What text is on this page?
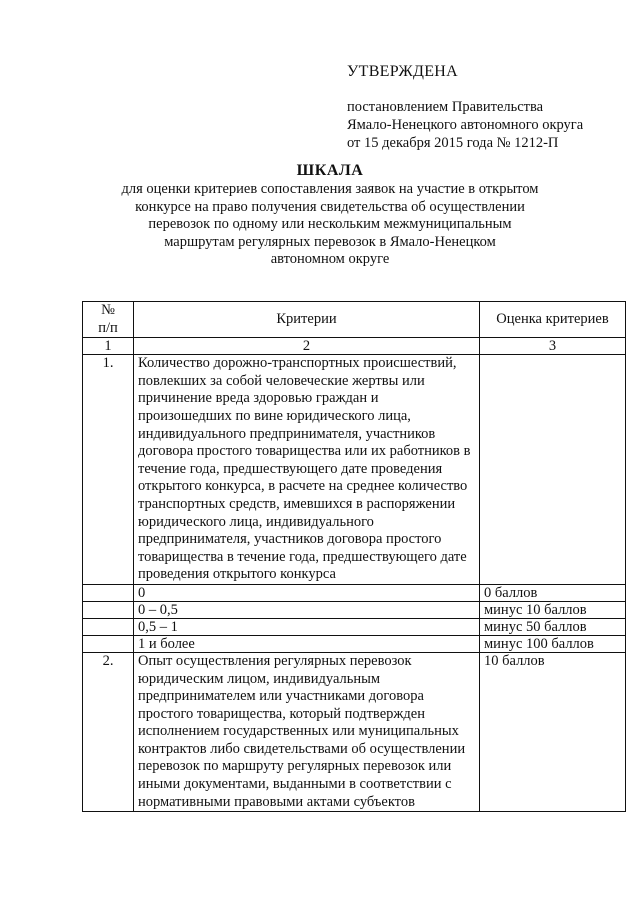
УТВЕРЖДЕНА
постановлением Правительства
Ямало-Ненецкого автономного округа
от 15 декабря 2015 года № 1212-П
ШКАЛА
для оценки критериев сопоставления заявок на участие в открытом
конкурсе на право получения свидетельства об осуществлении
перевозок по одному или нескольким межмуниципальным
маршрутам регулярных перевозок в Ямало-Ненецком
автономном округе
№
п/п	Критерии	Оценка критериев
1	2	3
1.	Количество дорожно-транспортных происшествий, повлекших за собой человеческие жертвы или причинение вреда здоровью граждан и произошедших по вине юридического лица, индивидуального предпринимателя, участников договора простого товарищества или их работников в течение года, предшествующего дате проведения открытого конкурса, в расчете на среднее количество транспортных средств, имевшихся в распоряжении юридического лица, индивидуального предпринимателя, участников договора простого товарищества в течение года, предшествующего дате проведения открытого конкурса	
	0	0 баллов
	0 – 0,5	минус 10 баллов
	0,5 – 1	минус 50 баллов
	1 и более	минус 100 баллов
2.	Опыт осуществления регулярных перевозок юридическим лицом, индивидуальным предпринимателем или участниками договора простого товарищества, который подтвержден исполнением государственных или муниципальных контрактов либо свидетельствами об осуществлении перевозок по маршруту регулярных перевозок или иными документами, выданными в соответствии с нормативными правовыми актами субъектов	10 баллов
